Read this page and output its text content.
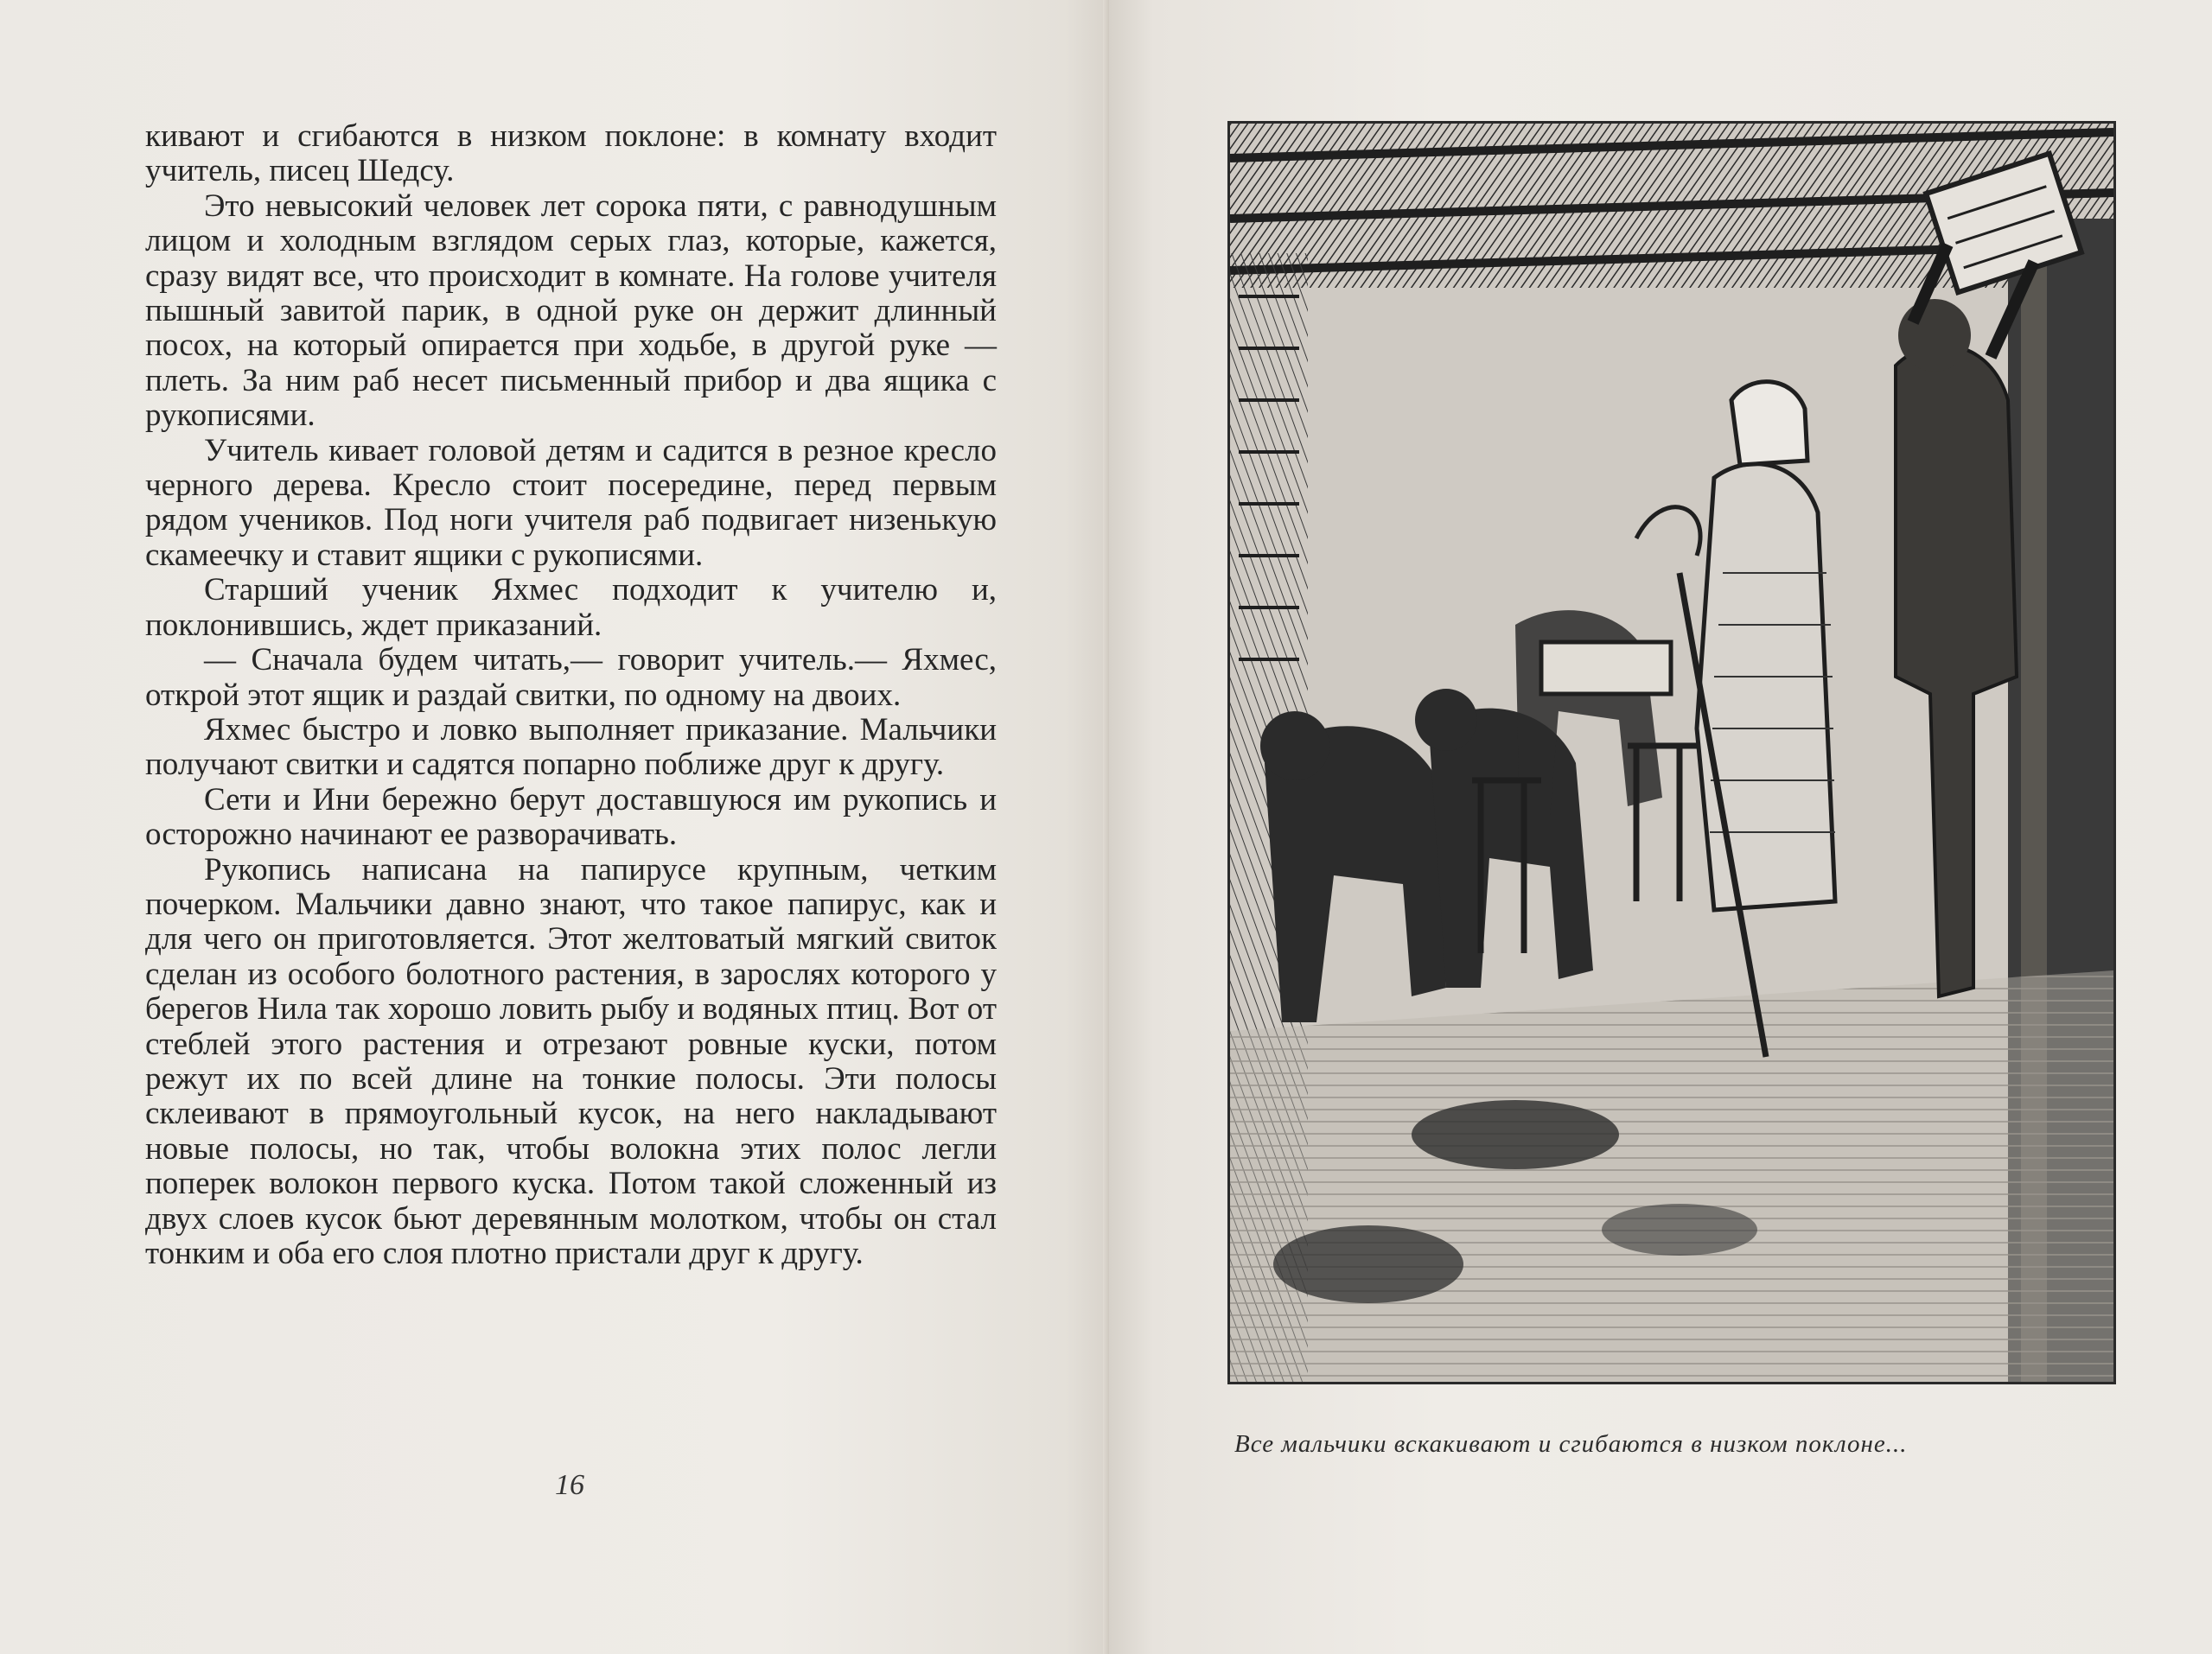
кивают и сгибаются в низком поклоне: в комнату входит учитель, писец Шедсу.

Это невысокий человек лет сорока пяти, с равнодушным лицом и холодным взглядом серых глаз, которые, кажется, сразу видят все, что происходит в комнате. На голове учителя пышный завитой парик, в одной руке он держит длинный посох, на который опирается при ходьбе, в другой руке — плеть. За ним раб несет письменный прибор и два ящика с рукописями.

Учитель кивает головой детям и садится в резное кресло черного дерева. Кресло стоит посередине, перед первым рядом учеников. Под ноги учителя раб подвигает низенькую скамеечку и ставит ящики с рукописями.

Старший ученик Яхмес подходит к учителю и, поклонившись, ждет приказаний.

— Сначала будем читать,— говорит учитель.— Яхмес, открой этот ящик и раздай свитки, по одному на двоих.

Яхмес быстро и ловко выполняет приказание. Мальчики получают свитки и садятся попарно поближе друг к другу.

Сети и Ини бережно берут доставшуюся им рукопись и осторожно начинают ее разворачивать.

Рукопись написана на папирусе крупным, четким почерком. Мальчики давно знают, что такое папирус, как и для чего он приготовляется. Этот желтоватый мягкий свиток сделан из особого болотного растения, в зарослях которого у берегов Нила так хорошо ловить рыбу и водяных птиц. Вот от стеблей этого растения и отрезают ровные куски, потом режут их по всей длине на тонкие полосы. Эти полосы склеивают в прямоугольный кусок, на него накладывают новые полосы, но так, чтобы волокна этих полос легли поперек волокон первого куска. Потом такой сложенный из двух слоев кусок бьют деревянным молотком, чтобы он стал тонким и оба его слоя плотно пристали друг к другу.

16
Все мальчики вскакивают и сгибаются в низком поклоне...
